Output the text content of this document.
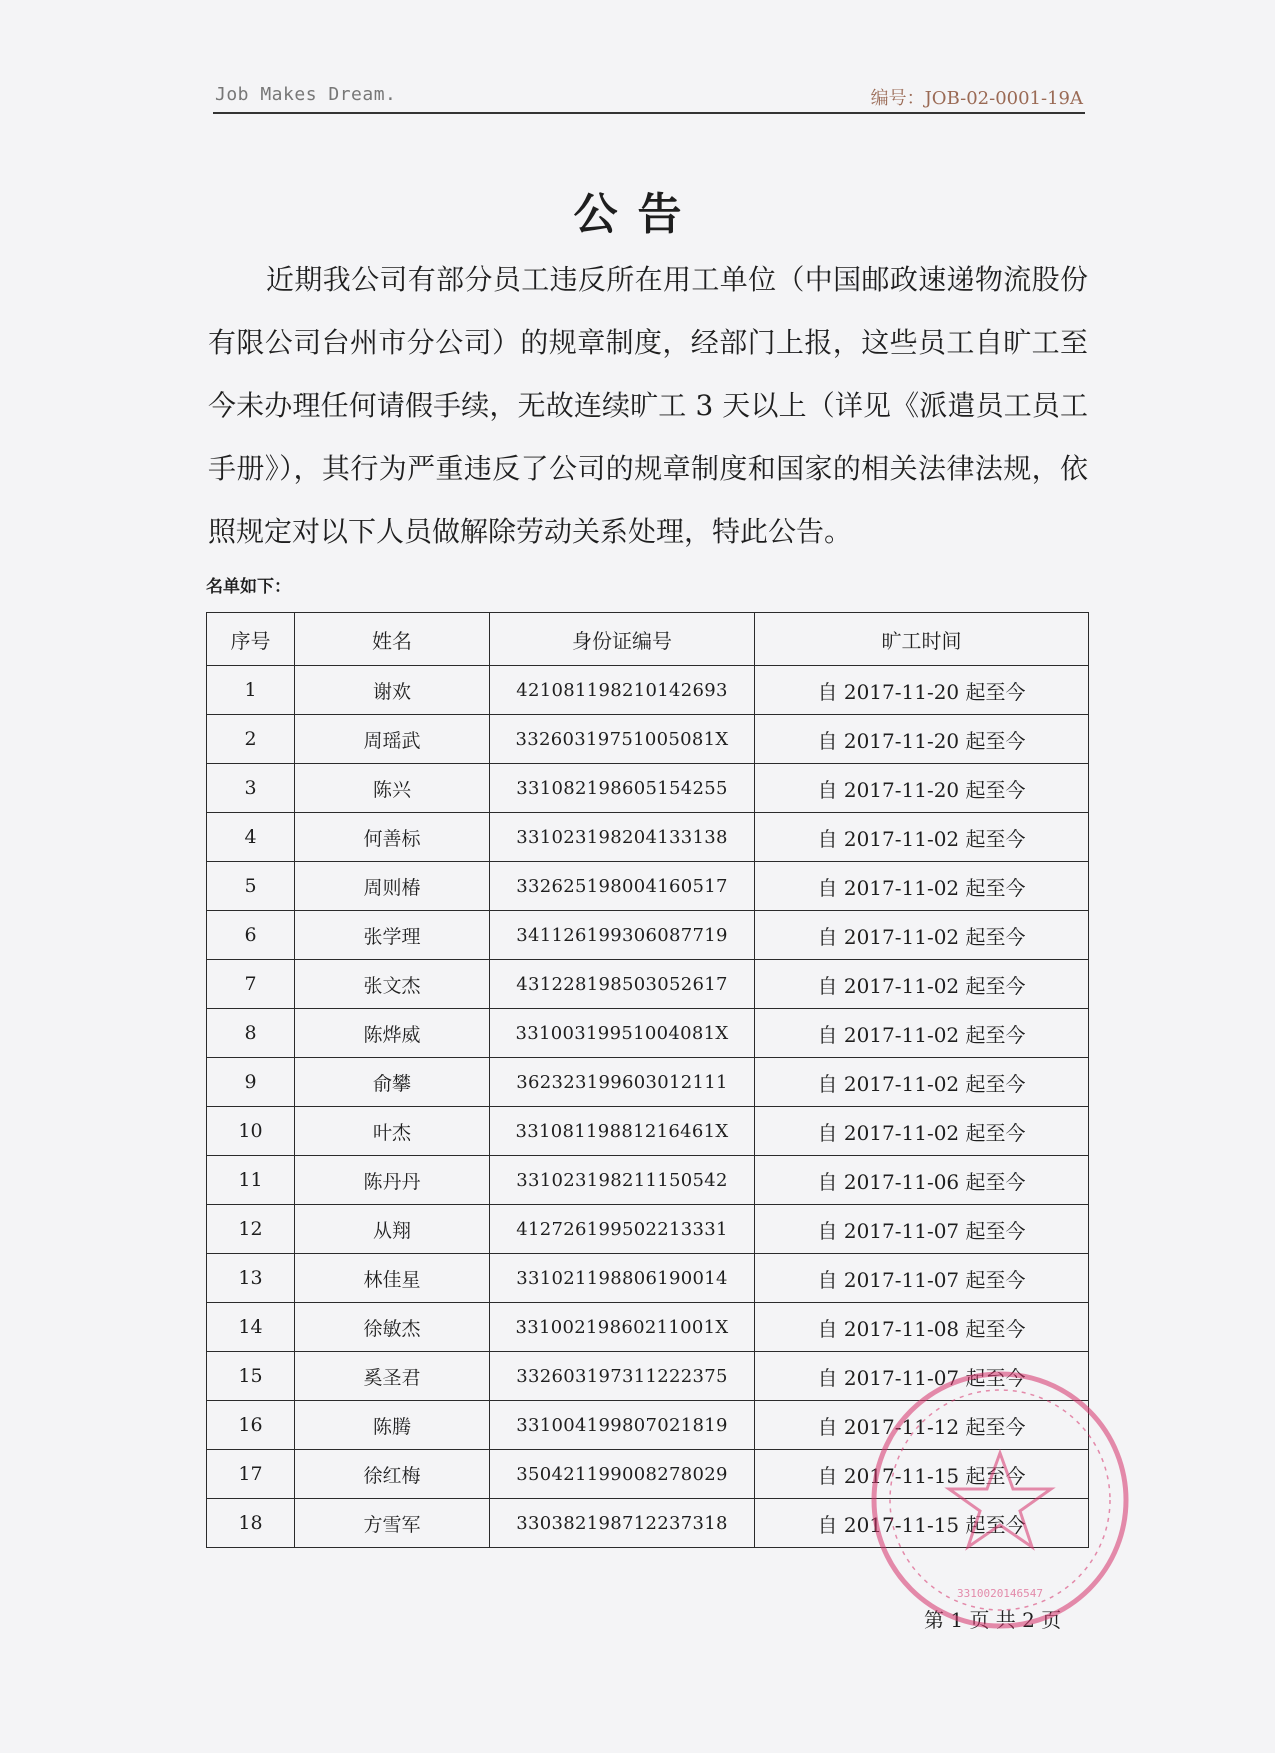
Job Makes Dream.	编号：JOB-02-0001-19A
公告

近期我公司有部分员工违反所在用工单位（中国邮政速递物流股份有限公司台州市分公司）的规章制度，经部门上报，这些员工自旷工至今未办理任何请假手续，无故连续旷工 3 天以上（详见《派遣员工员工手册》），其行为严重违反了公司的规章制度和国家的相关法律法规，依照规定对以下人员做解除劳动关系处理，特此公告。

名单如下：
序号	姓名	身份证编号	旷工时间
1	谢欢	421081198210142693	自 2017-11-20 起至今
2	周瑶武	33260319751005081X	自 2017-11-20 起至今
3	陈兴	331082198605154255	自 2017-11-20 起至今
4	何善标	331023198204133138	自 2017-11-02 起至今
5	周则椿	332625198004160517	自 2017-11-02 起至今
6	张学理	341126199306087719	自 2017-11-02 起至今
7	张文杰	431228198503052617	自 2017-11-02 起至今
8	陈烨威	33100319951004081X	自 2017-11-02 起至今
9	俞攀	362323199603012111	自 2017-11-02 起至今
10	叶杰	33108119881216461X	自 2017-11-02 起至今
11	陈丹丹	331023198211150542	自 2017-11-06 起至今
12	从翔	412726199502213331	自 2017-11-07 起至今
13	林佳星	331021198806190014	自 2017-11-07 起至今
14	徐敏杰	33100219860211001X	自 2017-11-08 起至今
15	奚圣君	332603197311222375	自 2017-11-07 起至今
16	陈腾	331004199807021819	自 2017-11-12 起至今
17	徐红梅	350421199008278029	自 2017-11-15 起至今
18	方雪军	330382198712237318	自 2017-11-15 起至今
第 1 页 共 2 页
3310020146547
